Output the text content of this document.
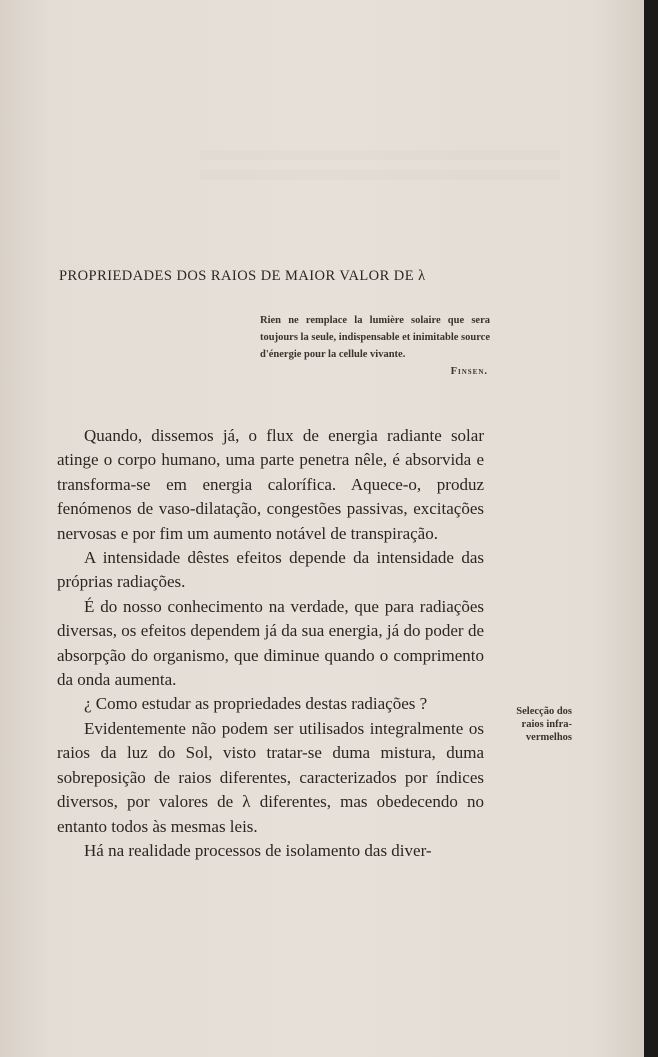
PROPRIEDADES DOS RAIOS DE MAIOR VALOR DE λ
Rien ne remplace la lumière solaire que sera toujours la seule, indispensable et inimitable source d'énergie pour la cellule vivante.
Finsen.

Quando, dissemos já, o flux de energia radiante solar atinge o corpo humano, uma parte penetra nêle, é absorvida e transforma-se em energia calorífica. Aquece-o, produz fenómenos de vaso-dilatação, congestões passivas, excitações nervosas e por fim um aumento notável de transpiração.

A intensidade dêstes efeitos depende da intensidade das próprias radiações.

É do nosso conhecimento na verdade, que para radiações diversas, os efeitos dependem já da sua energia, já do poder de absorpção do organismo, que diminue quando o comprimento da onda aumenta.

¿ Como estudar as propriedades destas radiações ?

Evidentemente não podem ser utilisados integralmente os raios da luz do Sol, visto tratar-se duma mistura, duma sobreposição de raios diferentes, caracterizados por índices diversos, por valores de λ diferentes, mas obedecendo no entanto todos às mesmas leis.

Há na realidade processos de isolamento das diver-

Selecção dos
raios infra-
vermelhos
